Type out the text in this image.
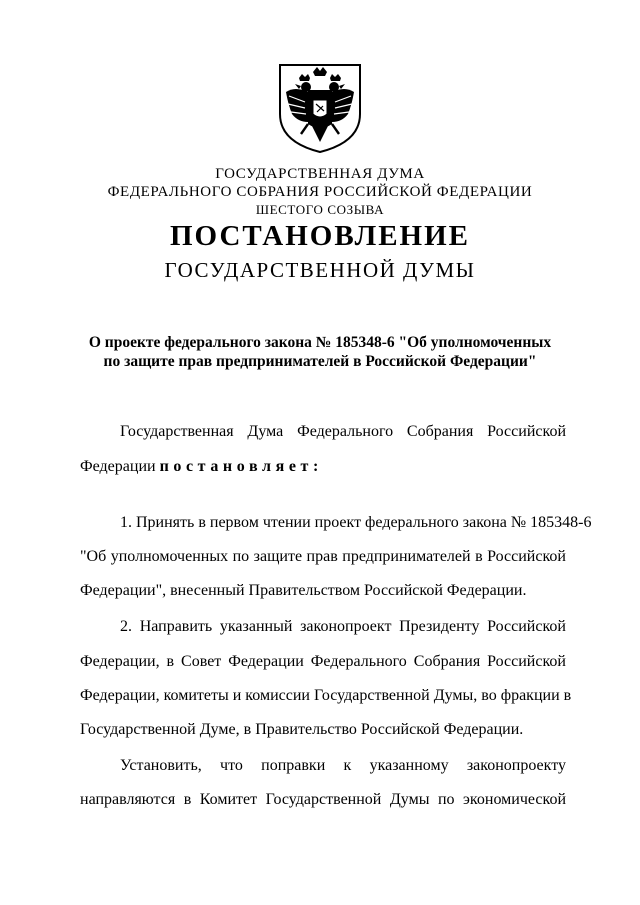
ГОСУДАРСТВЕННАЯ ДУМА
ФЕДЕРАЛЬНОГО СОБРАНИЯ РОССИЙСКОЙ ФЕДЕРАЦИИ
ШЕСТОГО СОЗЫВА
ПОСТАНОВЛЕНИЕ
ГОСУДАРСТВЕННОЙ ДУМЫ
О проекте федерального закона № 185348-6 "Об уполномоченных
по защите прав предпринимателей в Российской Федерации"
Государственная Дума Федерального Собрания Российской
Федерации постановляет:
1. Принять в первом чтении проект федерального закона № 185348-6
"Об уполномоченных по защите прав предпринимателей в Российской
Федерации", внесенный Правительством Российской Федерации.
2. Направить указанный законопроект Президенту Российской
Федерации, в Совет Федерации Федерального Собрания Российской
Федерации, комитеты и комиссии Государственной Думы, во фракции в
Государственной Думе, в Правительство Российской Федерации.
Установить, что поправки к указанному законопроекту
направляются в Комитет Государственной Думы по экономической
